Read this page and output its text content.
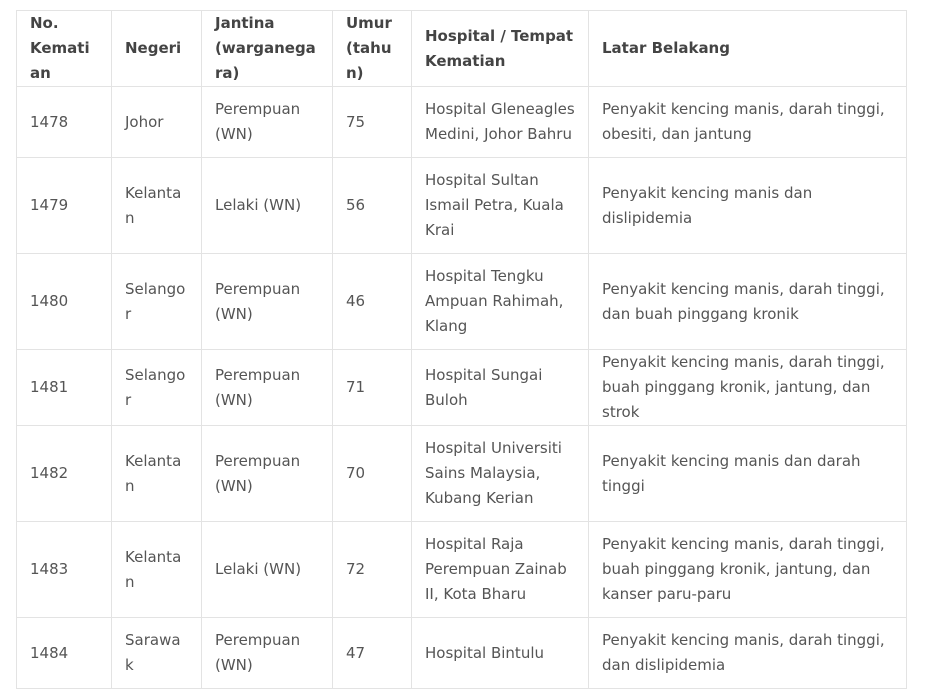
No. Kematian	Negeri	Jantina (warganegara)	Umur (tahun)	Hospital / Tempat Kematian	Latar Belakang
1478	Johor	Perempuan (WN)	75	Hospital Gleneagles Medini, Johor Bahru	Penyakit kencing manis, darah tinggi, obesiti, dan jantung
1479	Kelantan	Lelaki (WN)	56	Hospital Sultan Ismail Petra, Kuala Krai	Penyakit kencing manis dan dislipidemia
1480	Selangor	Perempuan (WN)	46	Hospital Tengku Ampuan Rahimah, Klang	Penyakit kencing manis, darah tinggi, dan buah pinggang kronik
1481	Selangor	Perempuan (WN)	71	Hospital Sungai Buloh	Penyakit kencing manis, darah tinggi, buah pinggang kronik, jantung, dan strok
1482	Kelantan	Perempuan (WN)	70	Hospital Universiti Sains Malaysia, Kubang Kerian	Penyakit kencing manis dan darah tinggi
1483	Kelantan	Lelaki (WN)	72	Hospital Raja Perempuan Zainab II, Kota Bharu	Penyakit kencing manis, darah tinggi, buah pinggang kronik, jantung, dan kanser paru-paru
1484	Sarawak	Perempuan (WN)	47	Hospital Bintulu	Penyakit kencing manis, darah tinggi, dan dislipidemia
